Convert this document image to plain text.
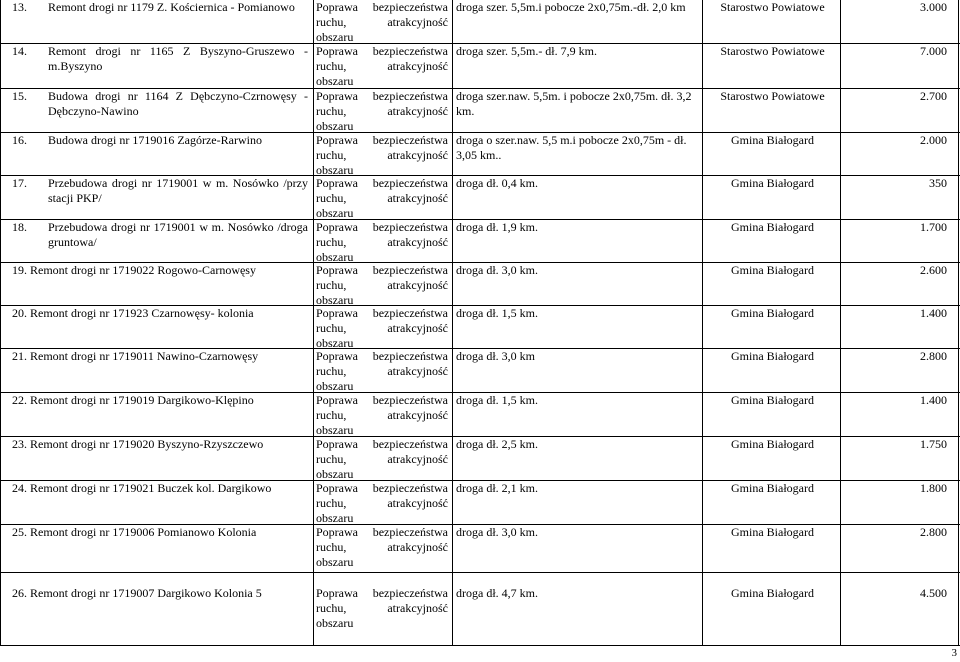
13.	Remont drogi nr 1179 Z. Kościernica - Pomianowo	Poprawa bezpieczeństwa
ruchu,	atrakcyjność
obszaru
droga szer. 5,5m.i pobocze 2x0,75m.-dł. 2,0 km	Starostwo Powiatowe	3.000
14.	Remont drogi nr 1165 Z Byszyno-Gruszewo -m.Byszyno
Poprawa bezpieczeństwa
ruchu,	atrakcyjność
obszaru
droga szer. 5,5m.- dł. 7,9 km.	Starostwo Powiatowe	7.000
15.	Budowa drogi nr 1164 Z Dębczyno-Czrnowęsy - Dębczyno-Nawino
Poprawa bezpieczeństwa
ruchu,	atrakcyjność
obszaru
droga szer.naw. 5,5m. i pobocze 2x0,75m. dł. 3,2 km.
Starostwo Powiatowe	2.700
16.	Budowa drogi nr 1719016 Zagórze-Rarwino	Poprawa bezpieczeństwa
ruchu,	atrakcyjność
obszaru
droga o szer.naw. 5,5 m.i pobocze 2x0,75m - dł. 3,05 km..
Gmina Białogard	2.000
17.	Przebudowa drogi nr 1719001 w m. Nosówko /przy stacji PKP/
Poprawa bezpieczeństwa
ruchu,	atrakcyjność
obszaru
droga dł. 0,4 km.	Gmina Białogard	350
18.	Przebudowa drogi nr 1719001 w m. Nosówko /droga gruntowa/
Poprawa bezpieczeństwa
ruchu,	atrakcyjność
obszaru
droga dł. 1,9 km.	Gmina Białogard	1.700
19. Remont drogi nr 1719022 Rogowo-Carnowęsy	Poprawa bezpieczeństwa
ruchu,	atrakcyjność
obszaru
droga dł. 3,0 km.	Gmina Białogard	2.600
20. Remont drogi nr 171923 Czarnowęsy- kolonia	Poprawa bezpieczeństwa
ruchu,	atrakcyjność
obszaru
droga dł. 1,5 km.	Gmina Białogard	1.400
21. Remont drogi nr 1719011 Nawino-Czarnowęsy	Poprawa bezpieczeństwa
ruchu,	atrakcyjność
obszaru
droga dł. 3,0 km	Gmina Białogard	2.800
22. Remont drogi nr 1719019 Dargikowo-Klępino	Poprawa bezpieczeństwa
ruchu,	atrakcyjność
obszaru
droga dł. 1,5 km.	Gmina Białogard	1.400
23. Remont drogi nr 1719020 Byszyno-Rzyszczewo	Poprawa bezpieczeństwa
ruchu,	atrakcyjność
obszaru
droga dł. 2,5 km.	Gmina Białogard	1.750
24. Remont drogi nr 1719021 Buczek kol. Dargikowo	Poprawa bezpieczeństwa
ruchu,	atrakcyjność
obszaru
droga dł. 2,1 km.	Gmina Białogard	1.800
25. Remont drogi nr 1719006 Pomianowo Kolonia	Poprawa bezpieczeństwa
ruchu,	atrakcyjność
obszaru
droga dł. 3,0 km.	Gmina Białogard	2.800
26. Remont drogi nr 1719007 Dargikowo Kolonia 5	Poprawa bezpieczeństwa
ruchu,	atrakcyjność
obszaru
droga dł. 4,7 km.	Gmina Białogard	4.500
3
